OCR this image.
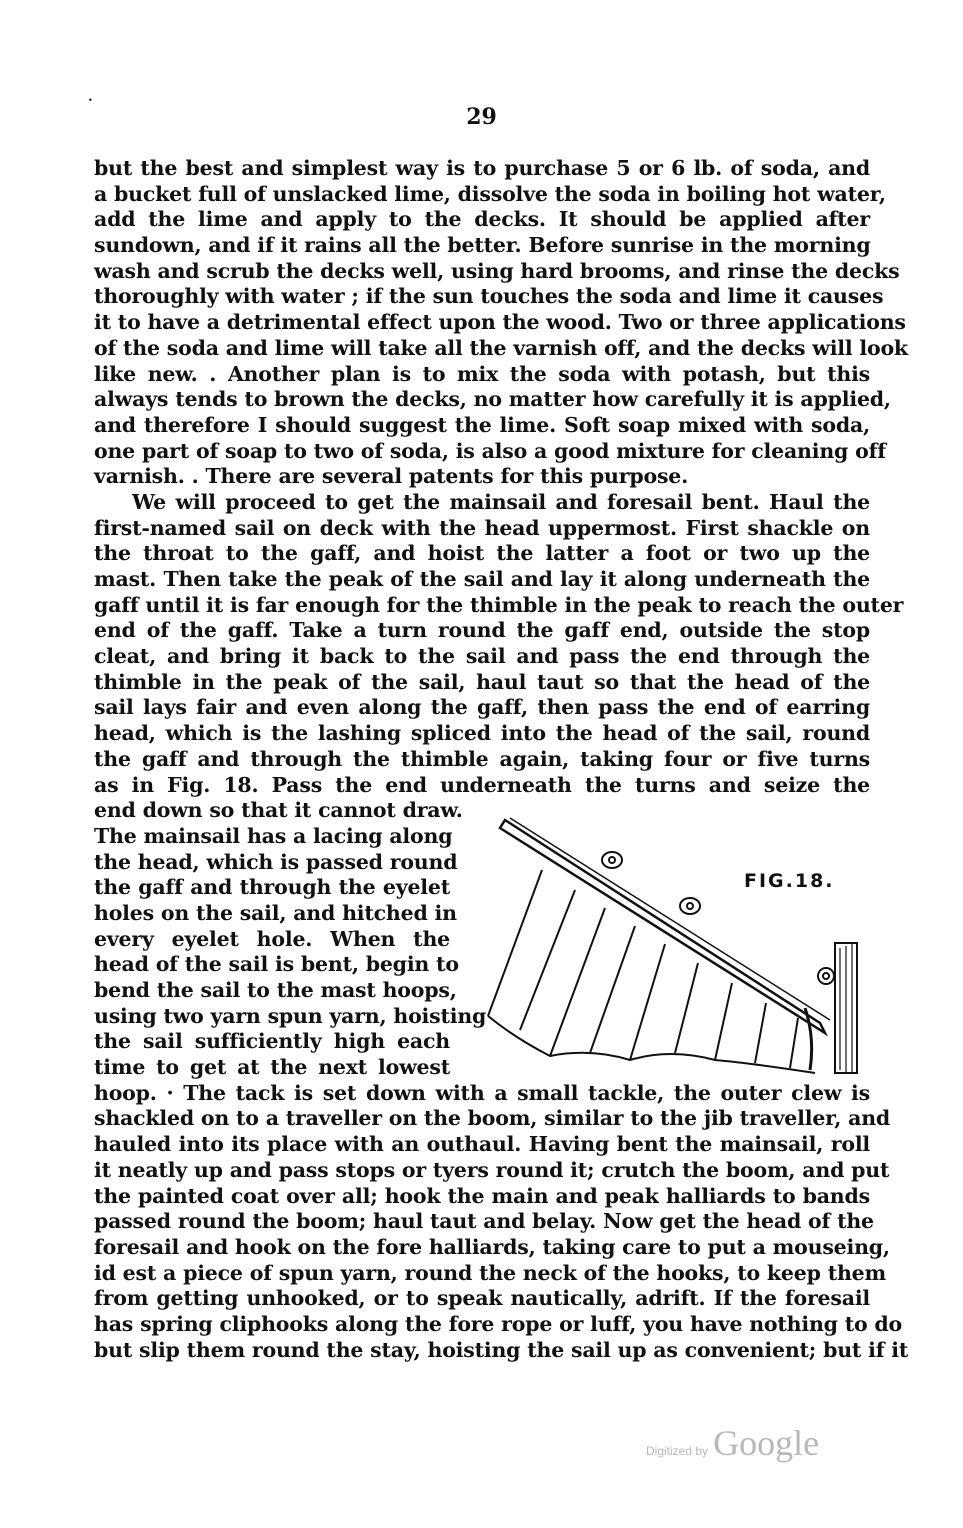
•
29
but the best and simplest way is to purchase 5 or 6 lb. of soda, and
a bucket full of unslacked lime, dissolve the soda in boiling hot water,
add the lime and apply to the decks. It should be applied after
sundown, and if it rains all the better. Before sunrise in the morning
wash and scrub the decks well, using hard brooms, and rinse the decks
thoroughly with water ; if the sun touches the soda and lime it causes
it to have a detrimental effect upon the wood. Two or three applications
of the soda and lime will take all the varnish off, and the decks will look
like new. . Another plan is to mix the soda with potash, but this
always tends to brown the decks, no matter how carefully it is applied,
and therefore I should suggest the lime. Soft soap mixed with soda,
one part of soap to two of soda, is also a good mixture for cleaning off
varnish. . There are several patents for this purpose.
We will proceed to get the mainsail and foresail bent. Haul the
first-named sail on deck with the head uppermost. First shackle on
the throat to the gaff, and hoist the latter a foot or two up the
mast. Then take the peak of the sail and lay it along underneath the
gaff until it is far enough for the thimble in the peak to reach the outer
end of the gaff. Take a turn round the gaff end, outside the stop
cleat, and bring it back to the sail and pass the end through the
thimble in the peak of the sail, haul taut so that the head of the
sail lays fair and even along the gaff, then pass the end of earring
head, which is the lashing spliced into the head of the sail, round
the gaff and through the thimble again, taking four or five turns
as in Fig. 18. Pass the end underneath the turns and seize the
end down so that it cannot draw.
The mainsail has a lacing along
the head, which is passed round
the gaff and through the eyelet
holes on the sail, and hitched in
every eyelet hole. When the
head of the sail is bent, begin to
bend the sail to the mast hoops,
using two yarn spun yarn, hoisting
the sail sufficiently high each
time to get at the next lowest
hoop. · The tack is set down with a small tackle, the outer clew is
shackled on to a traveller on the boom, similar to the jib traveller, and
hauled into its place with an outhaul. Having bent the mainsail, roll
it neatly up and pass stops or tyers round it; crutch the boom, and put
the painted coat over all; hook the main and peak halliards to bands
passed round the boom; haul taut and belay. Now get the head of the
foresail and hook on the fore halliards, taking care to put a mouseing,
id est a piece of spun yarn, round the neck of the hooks, to keep them
from getting unhooked, or to speak nautically, adrift. If the foresail
has spring cliphooks along the fore rope or luff, you have nothing to do
but slip them round the stay, hoisting the sail up as convenient; but if it
FIG.18.
Digitized by Google
